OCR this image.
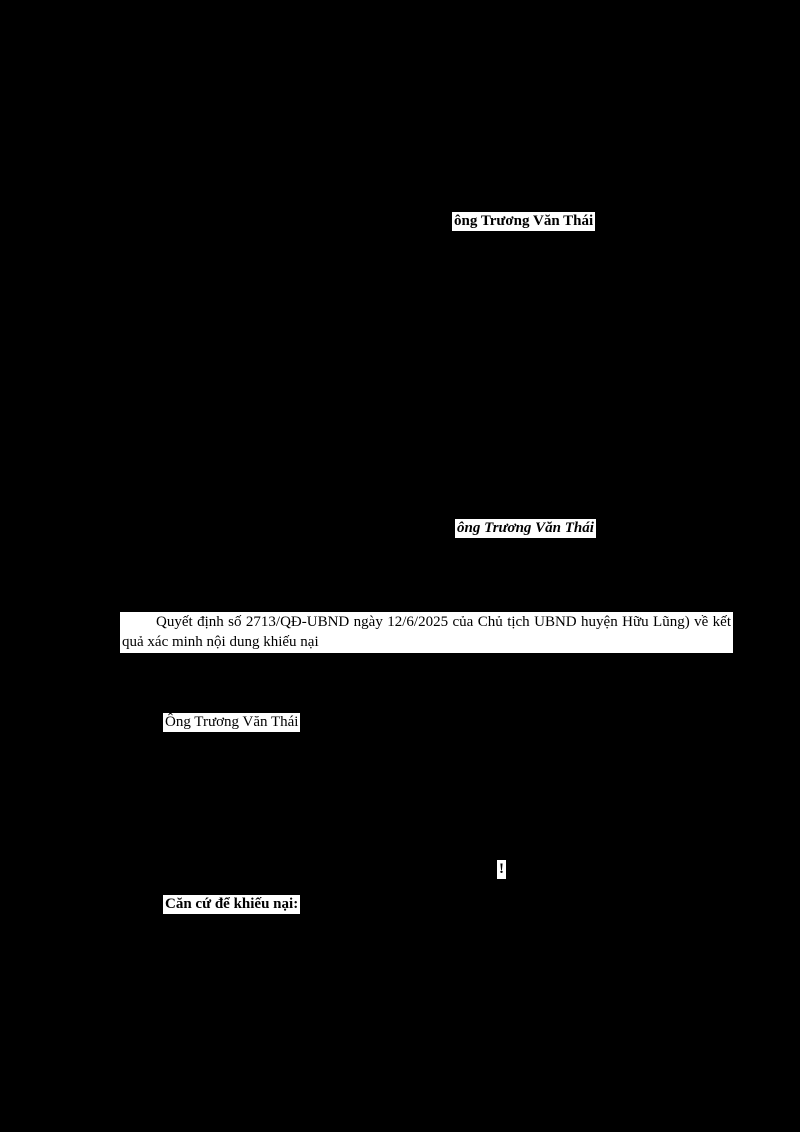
ông Trương Văn Thái
ông Trương Văn Thái
Quyết định số 2713/QĐ-UBND ngày 12/6/2025 của Chủ tịch UBND huyện Hữu Lũng) về kết quả xác minh nội dung khiếu nại
Ông Trương Văn Thái
!
Căn cứ để khiếu nại:
